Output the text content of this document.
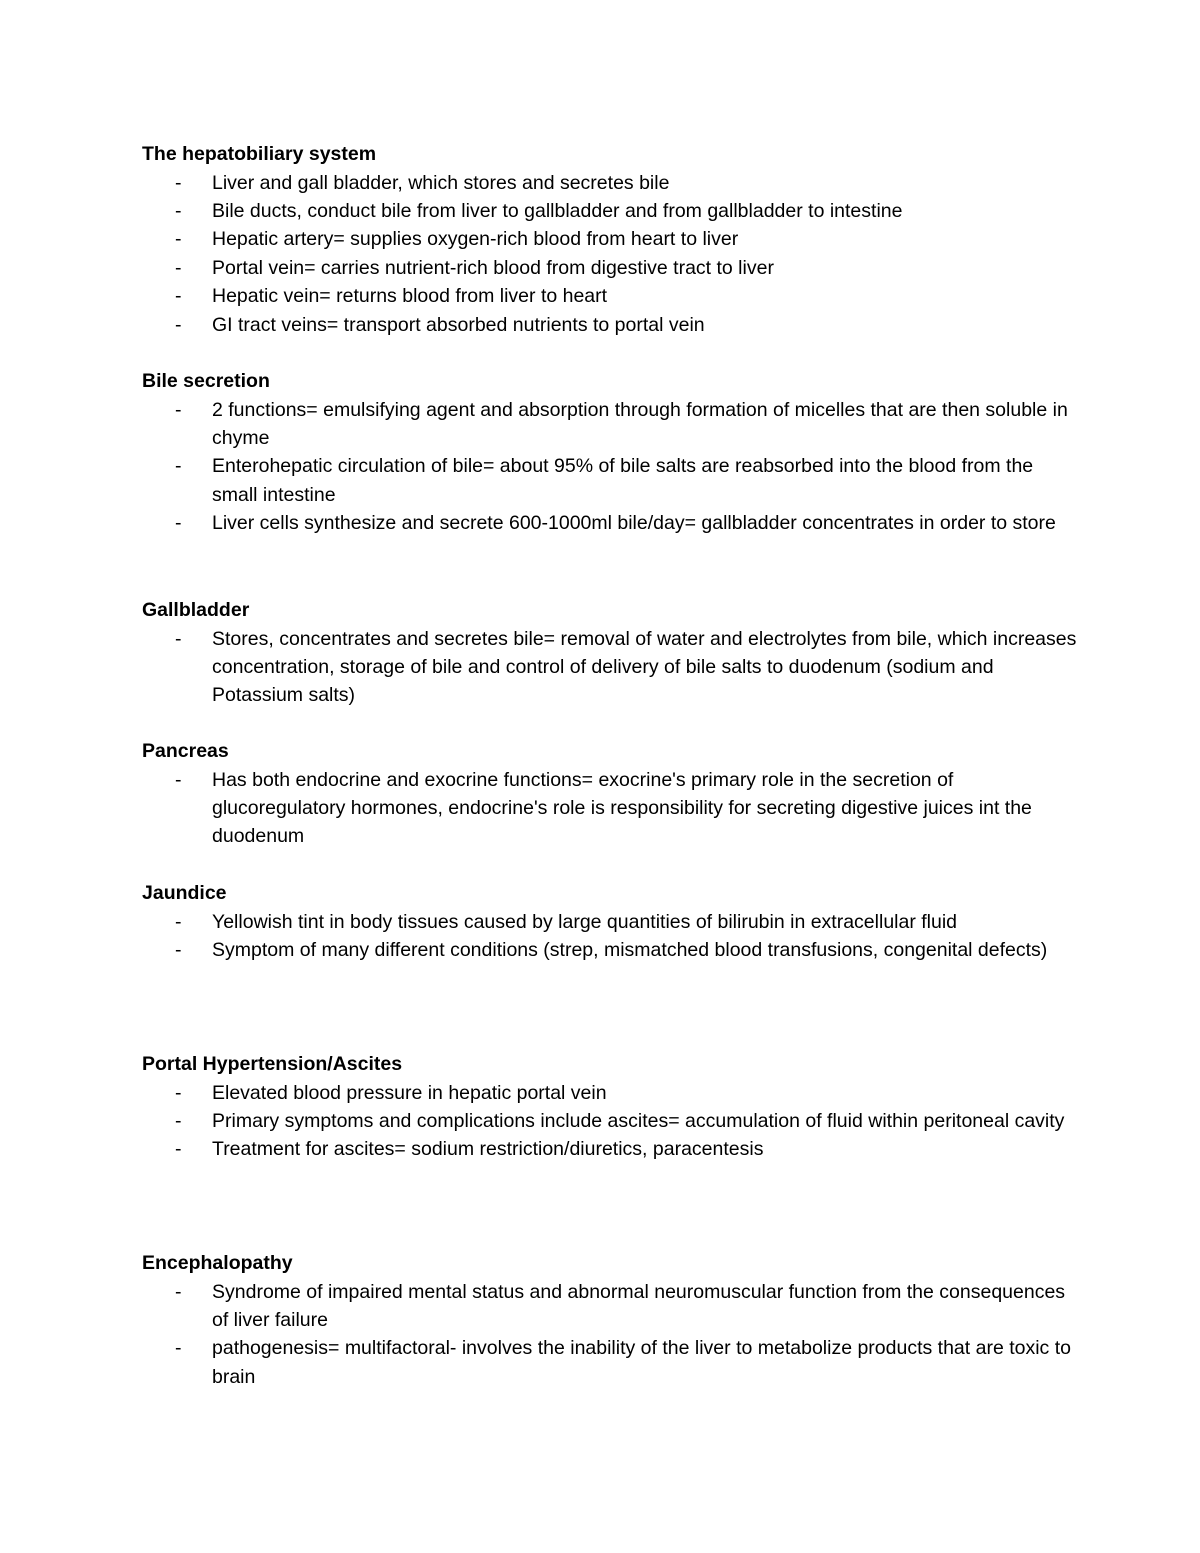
The hepatobiliary system
- Liver and gall bladder, which stores and secretes bile
- Bile ducts, conduct bile from liver to gallbladder and from gallbladder to intestine
- Hepatic artery= supplies oxygen-rich blood from heart to liver
- Portal vein= carries nutrient-rich blood from digestive tract to liver
- Hepatic vein= returns blood from liver to heart
- GI tract veins= transport absorbed nutrients to portal vein
Bile secretion
- 2 functions= emulsifying agent and absorption through formation of micelles that are then soluble in chyme
- Enterohepatic circulation of bile= about 95% of bile salts are reabsorbed into the blood from the small intestine
- Liver cells synthesize and secrete 600-1000ml bile/day= gallbladder concentrates in order to store
Gallbladder
- Stores, concentrates and secretes bile= removal of water and electrolytes from bile, which increases concentration, storage of bile and control of delivery of bile salts to duodenum (sodium and Potassium salts)
Pancreas
- Has both endocrine and exocrine functions= exocrine's primary role in the secretion of glucoregulatory hormones, endocrine's role is responsibility for secreting digestive juices int the duodenum
Jaundice
- Yellowish tint in body tissues caused by large quantities of bilirubin in extracellular fluid
- Symptom of many different conditions (strep, mismatched blood transfusions, congenital defects)
Portal Hypertension/Ascites
- Elevated blood pressure in hepatic portal vein
- Primary symptoms and complications include ascites= accumulation of fluid within peritoneal cavity
- Treatment for ascites= sodium restriction/diuretics, paracentesis
Encephalopathy
- Syndrome of impaired mental status and abnormal neuromuscular function from the consequences of liver failure
- pathogenesis= multifactoral- involves the inability of the liver to metabolize products that are toxic to brain
